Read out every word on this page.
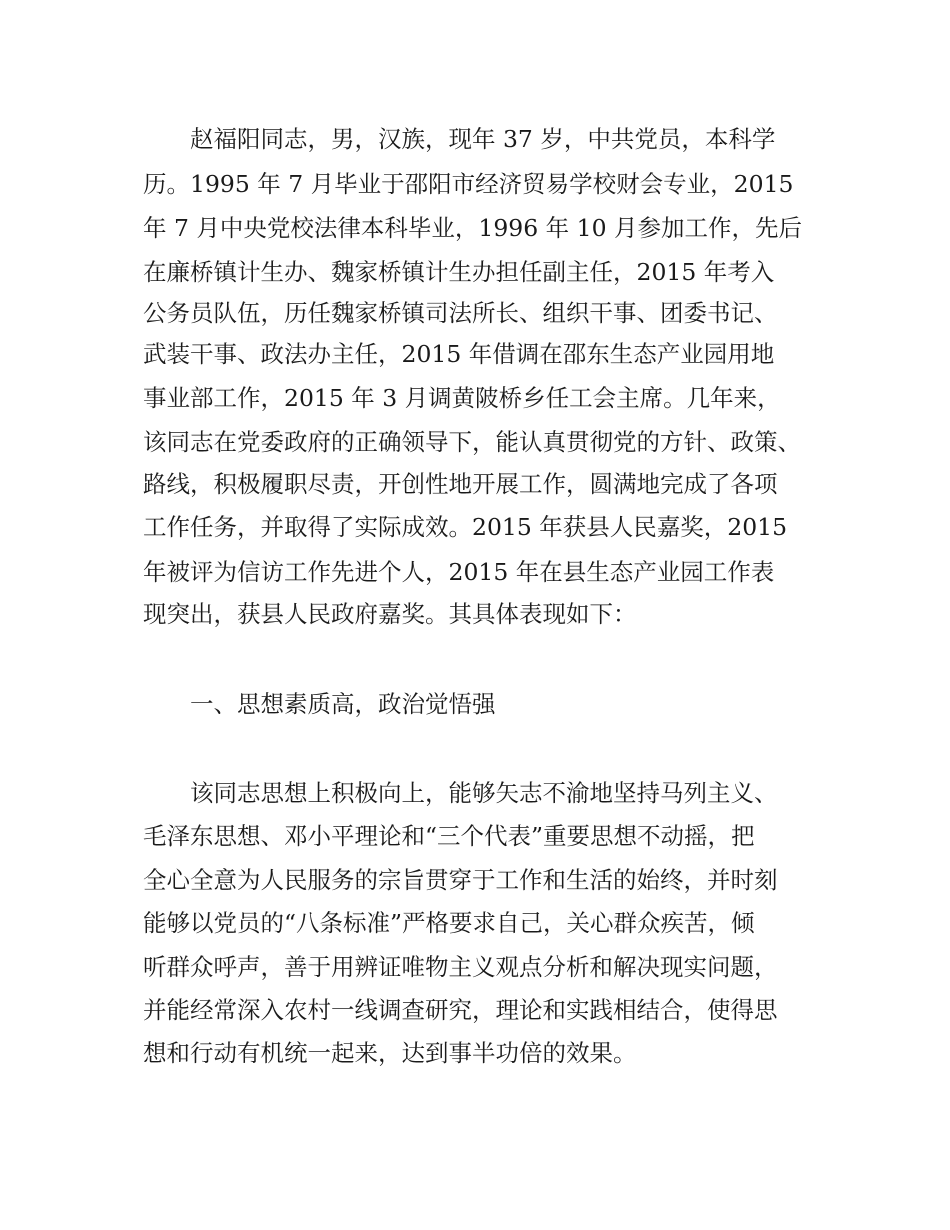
赵福阳同志，男，汉族，现年 37 岁，中共党员，本科学
历。1995 年 7 月毕业于邵阳市经济贸易学校财会专业，2015
年 7 月中央党校法律本科毕业，1996 年 10 月参加工作，先后
在廉桥镇计生办、魏家桥镇计生办担任副主任，2015 年考入
公务员队伍，历任魏家桥镇司法所长、组织干事、团委书记、
武装干事、政法办主任，2015 年借调在邵东生态产业园用地
事业部工作，2015 年 3 月调黄陂桥乡任工会主席。几年来，
该同志在党委政府的正确领导下，能认真贯彻党的方针、政策、
路线，积极履职尽责，开创性地开展工作，圆满地完成了各项
工作任务，并取得了实际成效。2015 年获县人民嘉奖，2015
年被评为信访工作先进个人，2015 年在县生态产业园工作表
现突出，获县人民政府嘉奖。其具体表现如下：
一、思想素质高，政治觉悟强
该同志思想上积极向上，能够矢志不渝地坚持马列主义、
毛泽东思想、邓小平理论和“三个代表”重要思想不动摇，把
全心全意为人民服务的宗旨贯穿于工作和生活的始终，并时刻
能够以党员的“八条标准”严格要求自己，关心群众疾苦，倾
听群众呼声，善于用辨证唯物主义观点分析和解决现实问题，
并能经常深入农村一线调查研究，理论和实践相结合，使得思
想和行动有机统一起来，达到事半功倍的效果。
